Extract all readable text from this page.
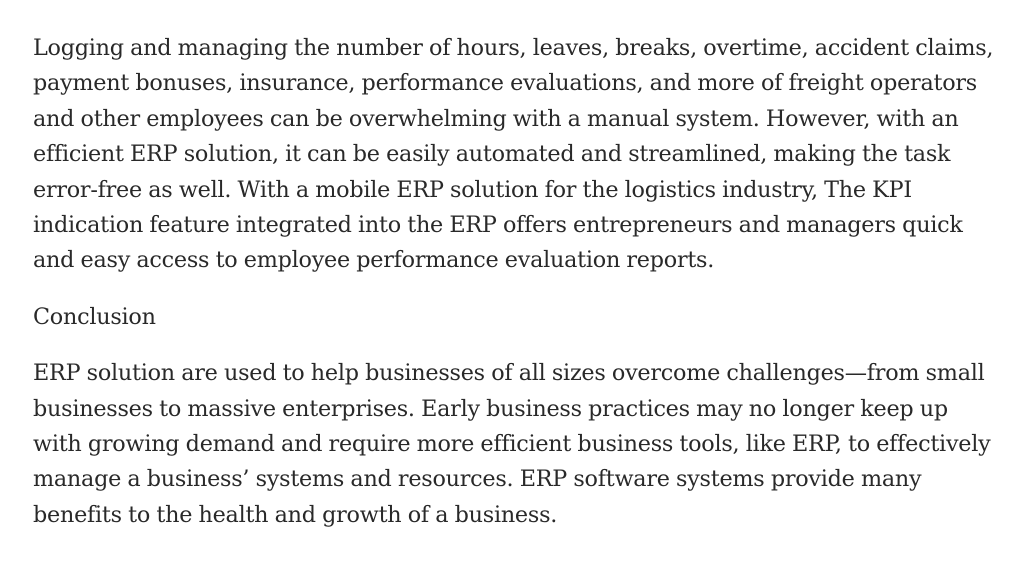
Logging and managing the number of hours, leaves, breaks, overtime, accident claims, payment bonuses, insurance, performance evaluations, and more of freight operators and other employees can be overwhelming with a manual system. However, with an efficient ERP solution, it can be easily automated and streamlined, making the task error-free as well. With a mobile ERP solution for the logistics industry, The KPI indication feature integrated into the ERP offers entrepreneurs and managers quick and easy access to employee performance evaluation reports.

Conclusion

ERP solution are used to help businesses of all sizes overcome challenges—from small businesses to massive enterprises. Early business practices may no longer keep up with growing demand and require more efficient business tools, like ERP, to effectively manage a business’ systems and resources. ERP software systems provide many benefits to the health and growth of a business.
